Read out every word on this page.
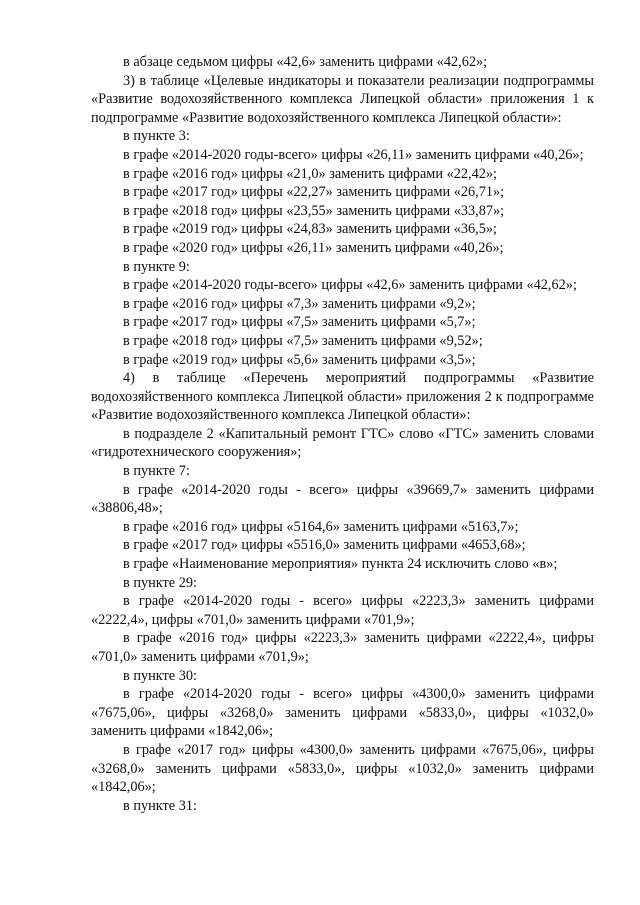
в абзаце седьмом цифры «42,6» заменить цифрами «42,62»;

3) в таблице «Целевые индикаторы и показатели реализации подпрограммы «Развитие водохозяйственного комплекса Липецкой области» приложения 1 к подпрограмме «Развитие водохозяйственного комплекса Липецкой области»:

в пункте 3:

в графе «2014-2020 годы-всего» цифры «26,11» заменить цифрами «40,26»;

в графе «2016 год» цифры «21,0» заменить цифрами «22,42»;

в графе «2017 год» цифры «22,27» заменить цифрами «26,71»;

в графе «2018 год» цифры «23,55» заменить цифрами «33,87»;

в графе «2019 год» цифры «24,83» заменить цифрами «36,5»;

в графе «2020 год» цифры «26,11» заменить цифрами «40,26»;

в пункте 9:

в графе «2014-2020 годы-всего» цифры «42,6» заменить цифрами «42,62»;

в графе «2016 год» цифры «7,3» заменить цифрами «9,2»;

в графе «2017 год» цифры «7,5» заменить цифрами «5,7»;

в графе «2018 год» цифры «7,5» заменить цифрами «9,52»;

в графе «2019 год» цифры «5,6» заменить цифрами «3,5»;

4) в таблице «Перечень мероприятий подпрограммы «Развитие водохозяйственного комплекса Липецкой области» приложения 2 к подпрограмме «Развитие водохозяйственного комплекса Липецкой области»:

в подразделе 2 «Капитальный ремонт ГТС» слово «ГТС» заменить словами «гидротехнического сооружения»;

в пункте 7:

в графе «2014-2020 годы - всего» цифры «39669,7» заменить цифрами «38806,48»;

в графе «2016 год» цифры «5164,6» заменить цифрами «5163,7»;

в графе «2017 год» цифры «5516,0» заменить цифрами «4653,68»;

в графе «Наименование мероприятия» пункта 24 исключить слово «в»;

в пункте 29:

в графе «2014-2020 годы - всего» цифры «2223,3» заменить цифрами «2222,4», цифры «701,0» заменить цифрами «701,9»;

в графе «2016 год» цифры «2223,3» заменить цифрами «2222,4», цифры «701,0» заменить цифрами «701,9»;

в пункте 30:

в графе «2014-2020 годы - всего» цифры «4300,0» заменить цифрами «7675,06», цифры «3268,0» заменить цифрами «5833,0», цифры «1032,0» заменить цифрами «1842,06»;

в графе «2017 год» цифры «4300,0» заменить цифрами «7675,06», цифры «3268,0» заменить цифрами «5833,0», цифры «1032,0» заменить цифрами «1842,06»;

в пункте 31:
